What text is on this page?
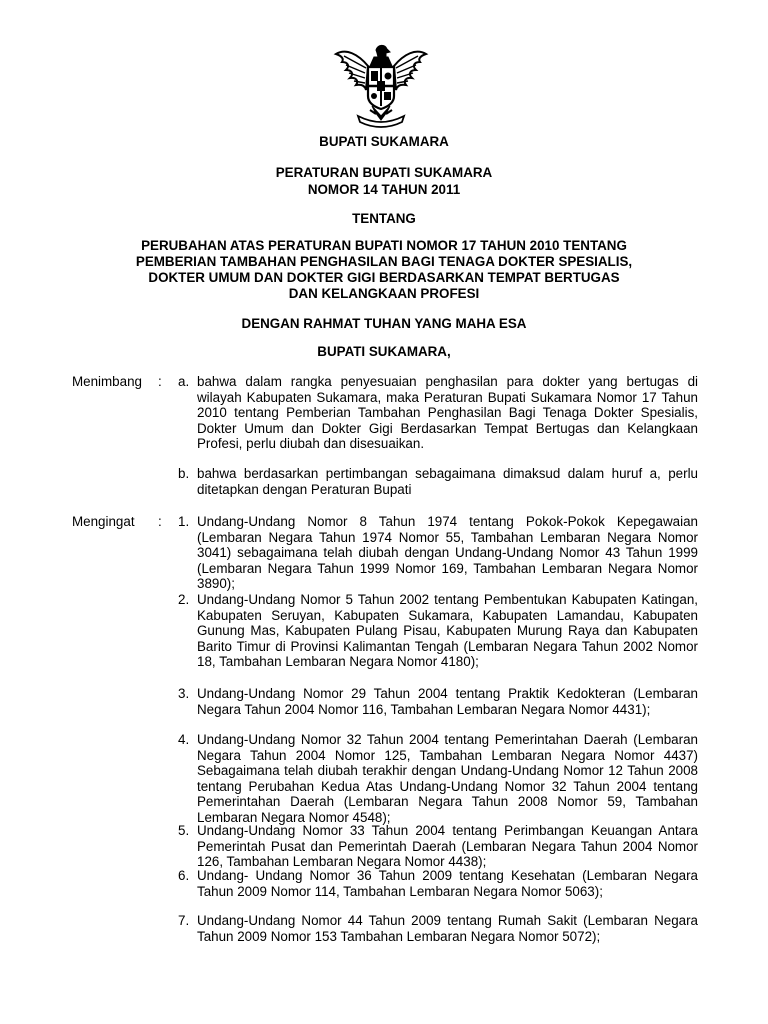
BUPATI SUKAMARA
PERATURAN BUPATI SUKAMARA
NOMOR 14 TAHUN 2011
TENTANG
PERUBAHAN ATAS PERATURAN BUPATI NOMOR 17 TAHUN 2010 TENTANG
PEMBERIAN TAMBAHAN PENGHASILAN BAGI TENAGA DOKTER SPESIALIS,
DOKTER UMUM DAN DOKTER GIGI BERDASARKAN TEMPAT BERTUGAS
DAN KELANGKAAN PROFESI
DENGAN RAHMAT TUHAN YANG MAHA ESA
BUPATI SUKAMARA,
Menimbang : a. bahwa dalam rangka penyesuaian penghasilan para dokter yang bertugas di wilayah Kabupaten Sukamara, maka Peraturan Bupati Sukamara Nomor 17 Tahun 2010 tentang Pemberian Tambahan Penghasilan Bagi Tenaga Dokter Spesialis, Dokter Umum dan Dokter Gigi Berdasarkan Tempat Bertugas dan Kelangkaan Profesi, perlu diubah dan disesuaikan.
b. bahwa berdasarkan pertimbangan sebagaimana dimaksud dalam huruf a, perlu ditetapkan dengan Peraturan Bupati
Mengingat : 1. Undang-Undang Nomor 8 Tahun 1974 tentang Pokok-Pokok Kepegawaian (Lembaran Negara Tahun 1974 Nomor 55, Tambahan Lembaran Negara Nomor 3041) sebagaimana telah diubah dengan Undang-Undang Nomor 43 Tahun 1999 (Lembaran Negara Tahun 1999 Nomor 169, Tambahan Lembaran Negara Nomor 3890);
2. Undang-Undang Nomor 5 Tahun 2002 tentang Pembentukan Kabupaten Katingan, Kabupaten Seruyan, Kabupaten Sukamara, Kabupaten Lamandau, Kabupaten Gunung Mas, Kabupaten Pulang Pisau, Kabupaten Murung Raya dan Kabupaten Barito Timur di Provinsi Kalimantan Tengah (Lembaran Negara Tahun 2002 Nomor 18, Tambahan Lembaran Negara Nomor 4180);
3. Undang-Undang Nomor 29 Tahun 2004 tentang Praktik Kedokteran (Lembaran Negara Tahun 2004 Nomor 116, Tambahan Lembaran Negara Nomor 4431);
4. Undang-Undang Nomor 32 Tahun 2004 tentang Pemerintahan Daerah (Lembaran Negara Tahun 2004 Nomor 125, Tambahan Lembaran Negara Nomor 4437) Sebagaimana telah diubah terakhir dengan Undang-Undang Nomor 12 Tahun 2008 tentang Perubahan Kedua Atas Undang-Undang Nomor 32 Tahun 2004 tentang Pemerintahan Daerah (Lembaran Negara Tahun 2008 Nomor 59, Tambahan Lembaran Negara Nomor 4548);
5. Undang-Undang Nomor 33 Tahun 2004 tentang Perimbangan Keuangan Antara Pemerintah Pusat dan Pemerintah Daerah (Lembaran Negara Tahun 2004 Nomor 126, Tambahan Lembaran Negara Nomor 4438);
6. Undang- Undang Nomor 36 Tahun 2009 tentang Kesehatan (Lembaran Negara Tahun 2009 Nomor 114, Tambahan Lembaran Negara Nomor 5063);
7. Undang-Undang Nomor 44 Tahun 2009 tentang Rumah Sakit (Lembaran Negara Tahun 2009 Nomor 153 Tambahan Lembaran Negara Nomor 5072);
